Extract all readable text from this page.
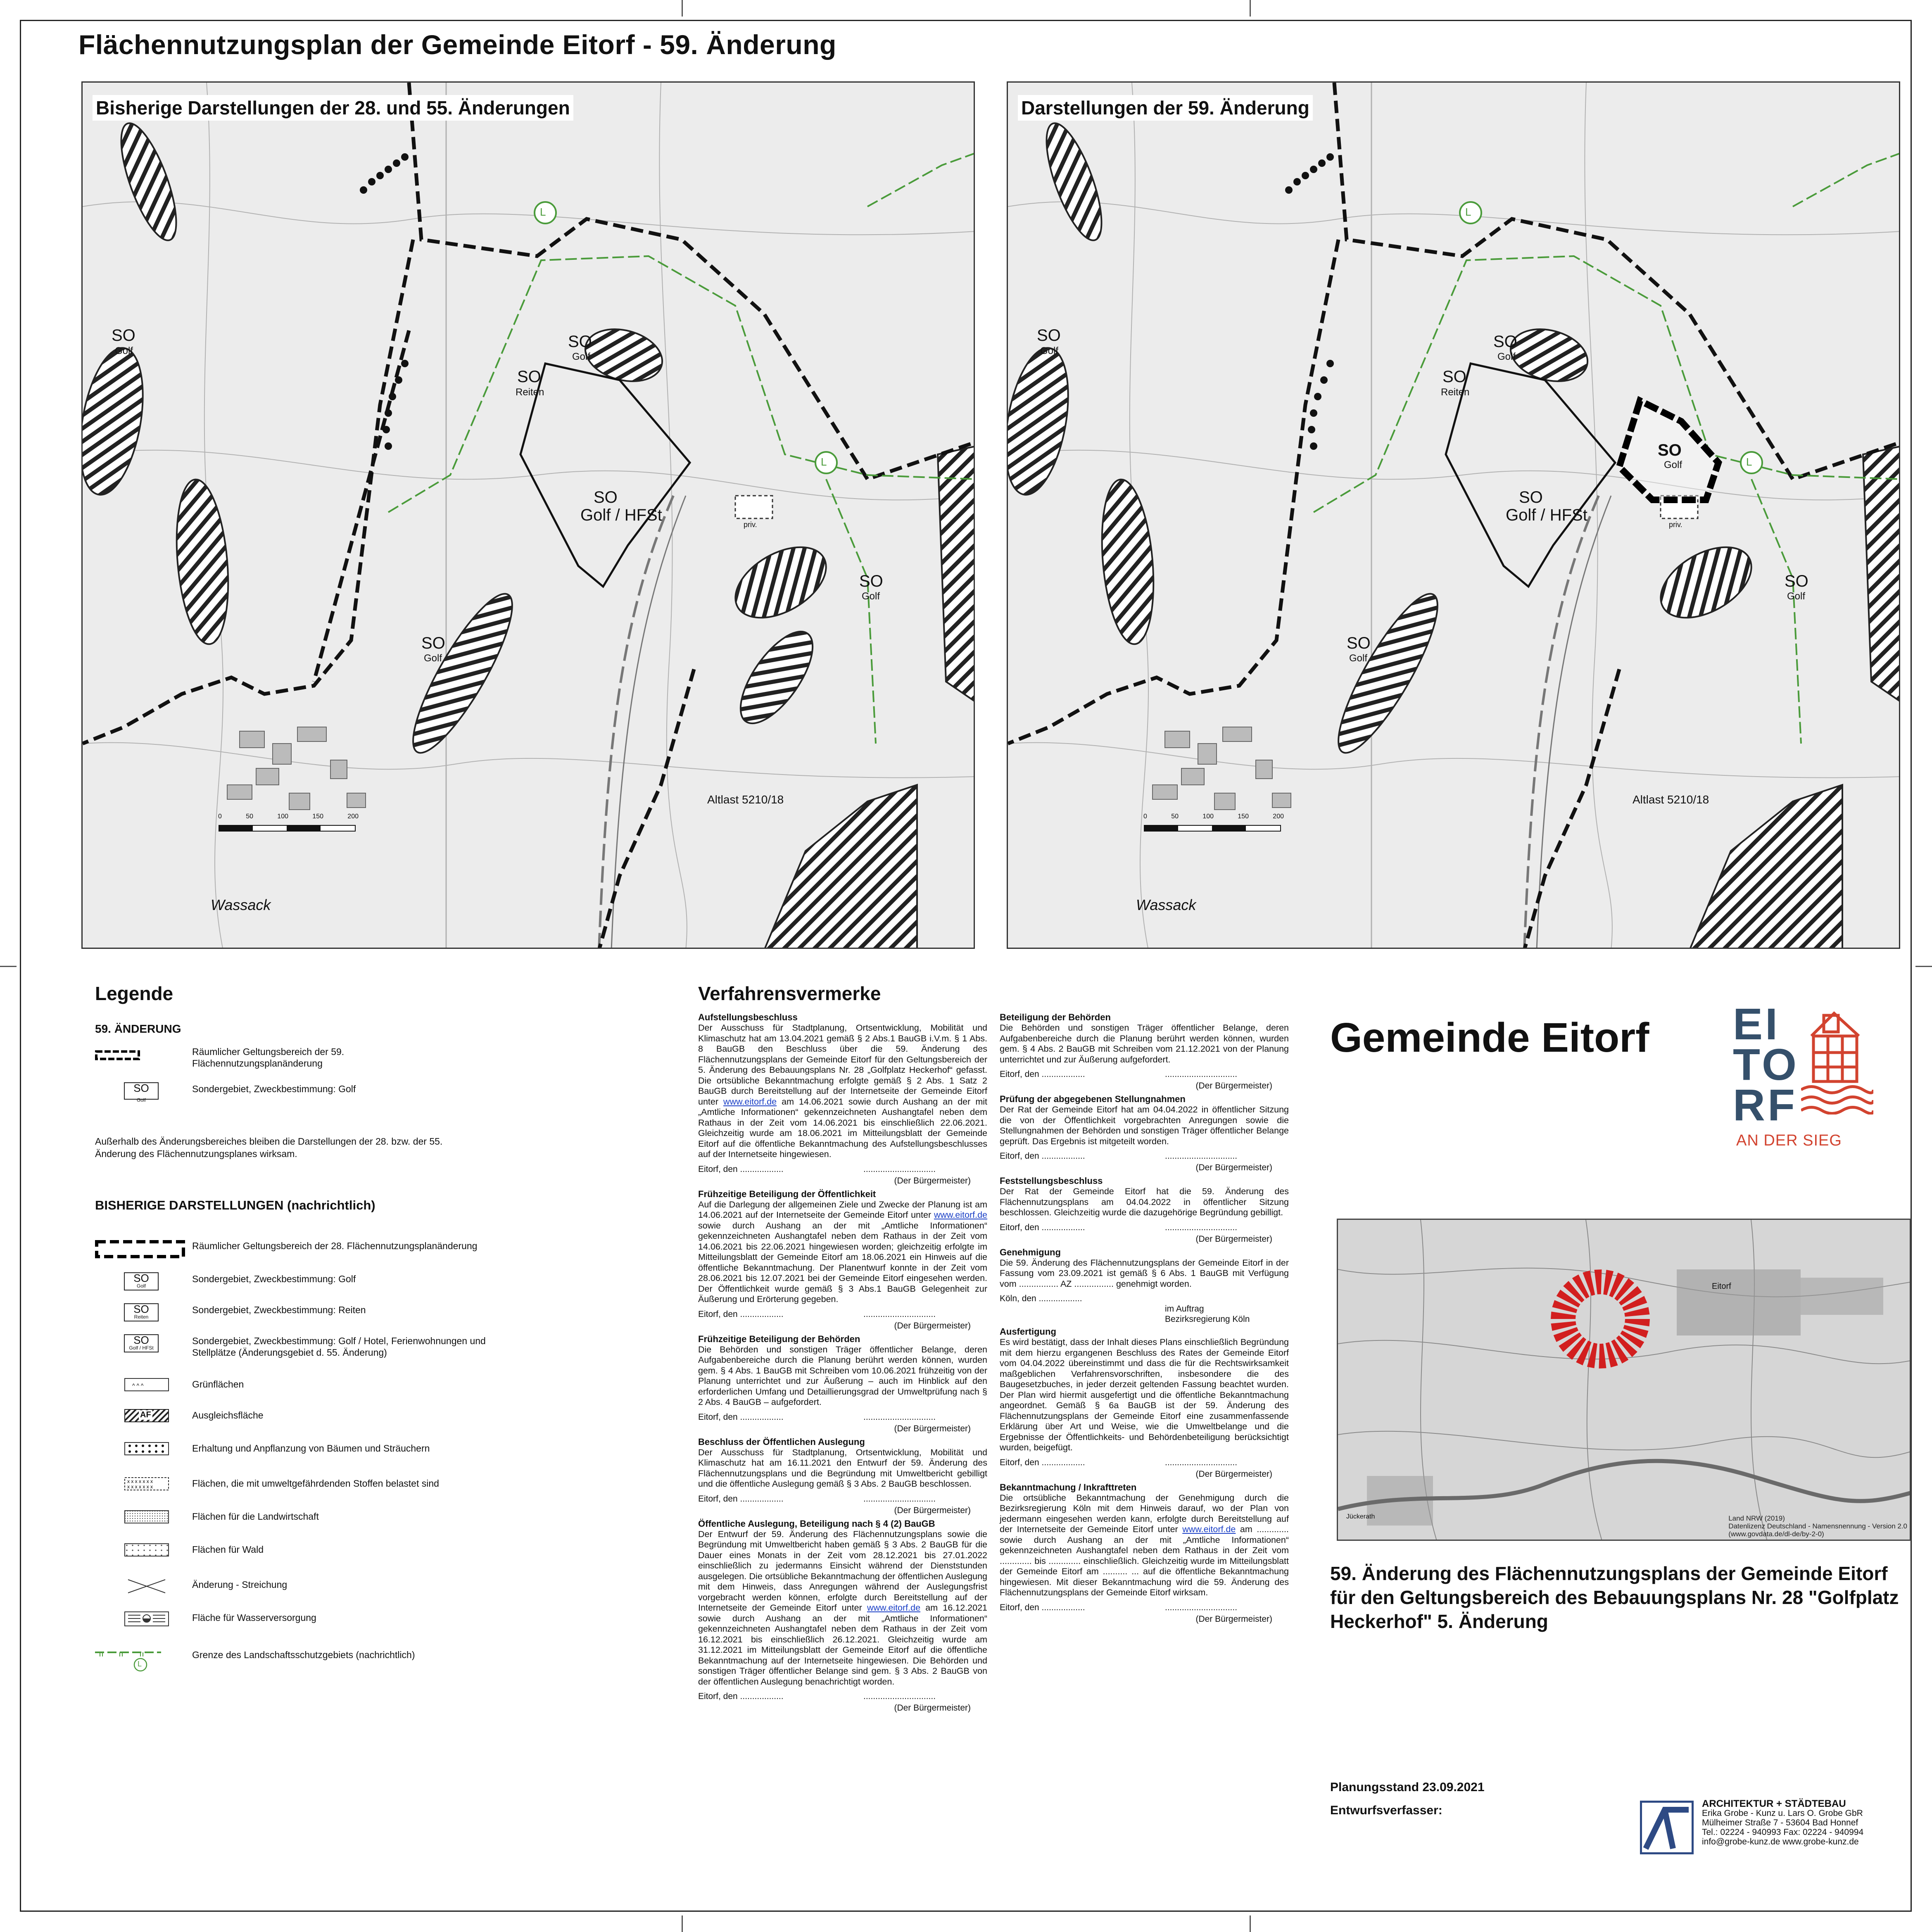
Flächennutzungsplan der Gemeinde Eitorf - 59. Änderung
Bisherige Darstellungen der 28. und 55. Änderungen
SO
Golf
SO
Reiten
SO
Golf / HFSt
SO
Golf
SO
Golf
SO
Golf
Altlast 5210/18
Wassack
priv.
L
L
0	50	100	150	200
Darstellungen der 59. Änderung
SO
Golf
SO
Reiten
SO
Golf / HFSt
SO
Golf
SO
Golf
SO
Golf
SO
Golf
Altlast 5210/18
Wassack
priv.
L
L
0	50	100	150	200
Legende
59. ÄNDERUNG
Räumlicher Geltungsbereich der 59. Flächennutzungsplanänderung
SO
Golf
Sondergebiet, Zweckbestimmung: Golf
Außerhalb des Änderungsbereiches bleiben die Darstellungen der 28. bzw. der 55. Änderung des Flächennutzungsplanes wirksam.
BISHERIGE DARSTELLUNGEN (nachrichtlich)
Räumlicher Geltungsbereich der 28. Flächennutzungsplanänderung
SO
Golf
Sondergebiet, Zweckbestimmung: Golf
SO
Reiten
Sondergebiet, Zweckbestimmung: Reiten
SO
Golf / HFSt
Sondergebiet, Zweckbestimmung: Golf / Hotel, Ferienwohnungen und Stellplätze (Änderungsgebiet d. 55. Änderung)
^ ^ ^	Grünflächen
AF	Ausgleichsfläche
Erhaltung und Anpflanzung von Bäumen und Sträuchern
x x x x x x x
x x x x x x x	Flächen, die mit umweltgefährdenden Stoffen belastet sind
Flächen für die Landwirtschaft
Flächen für Wald
Änderung - Streichung
Fläche für Wasserversorgung
L
Grenze des Landschaftsschutzgebiets (nachrichtlich)
Verfahrensvermerke
Aufstellungsbeschluss

Der Ausschuss für Stadtplanung, Ortsentwicklung, Mobilität und Klimaschutz hat am 13.04.2021 gemäß § 2 Abs.1 BauGB i.V.m. § 1 Abs. 8 BauGB den Beschluss über die 59. Änderung des Flächennutzungsplans der Gemeinde Eitorf für den Geltungsbereich der 5. Änderung des Bebauungsplans Nr. 28 „Golfplatz Heckerhof“ gefasst. Die ortsübliche Bekanntmachung erfolgte gemäß § 2 Abs. 1 Satz 2 BauGB durch Bereitstellung auf der Internetseite der Gemeinde Eitorf unter www.eitorf.de am 14.06.2021 sowie durch Aushang an der mit „Amtliche Informationen“ gekennzeichneten Aushangtafel neben dem Rathaus in der Zeit vom 14.06.2021 bis einschließlich 22.06.2021. Gleichzeitig wurde am 18.06.2021 im Mitteilungsblatt der Gemeinde Eitorf auf die öffentliche Bekanntmachung des Aufstellungsbeschlusses auf der Internetseite hingewiesen.

Eitorf, den ..................	..............................
(Der Bürgermeister)
Frühzeitige Beteiligung der Öffentlichkeit

Auf die Darlegung der allgemeinen Ziele und Zwecke der Planung ist am 14.06.2021 auf der Internetseite der Gemeinde Eitorf unter www.eitorf.de sowie durch Aushang an der mit „Amtliche Informationen“ gekennzeichneten Aushangtafel neben dem Rathaus in der Zeit vom 14.06.2021 bis 22.06.2021 hingewiesen worden; gleichzeitig erfolgte im Mitteilungsblatt der Gemeinde Eitorf am 18.06.2021 ein Hinweis auf die öffentliche Bekanntmachung. Der Planentwurf konnte in der Zeit vom 28.06.2021 bis 12.07.2021 bei der Gemeinde Eitorf eingesehen werden. Der Öffentlichkeit wurde gemäß § 3 Abs.1 BauGB Gelegenheit zur Äußerung und Erörterung gegeben.

Eitorf, den ..................	..............................
(Der Bürgermeister)
Frühzeitige Beteiligung der Behörden

Die Behörden und sonstigen Träger öffentlicher Belange, deren Aufgabenbereiche durch die Planung berührt werden können, wurden gem. § 4 Abs. 1 BauGB mit Schreiben vom 10.06.2021 frühzeitig von der Planung unterrichtet und zur Äußerung – auch im Hinblick auf den erforderlichen Umfang und Detaillierungsgrad der Umweltprüfung nach § 2 Abs. 4 BauGB – aufgefordert.

Eitorf, den ..................	..............................
(Der Bürgermeister)
Beschluss der Öffentlichen Auslegung

Der Ausschuss für Stadtplanung, Ortsentwicklung, Mobilität und Klimaschutz hat am 16.11.2021 den Entwurf der 59. Änderung des Flächennutzungsplans und die Begründung mit Umweltbericht gebilligt und die öffentliche Auslegung gemäß § 3 Abs. 2 BauGB beschlossen.

Eitorf, den ..................	..............................
(Der Bürgermeister)
Öffentliche Auslegung, Beteiligung nach § 4 (2) BauGB

Der Entwurf der 59. Änderung des Flächennutzungsplans sowie die Begründung mit Umweltbericht haben gemäß § 3 Abs. 2 BauGB für die Dauer eines Monats in der Zeit vom 28.12.2021 bis 27.01.2022 einschließlich zu jedermanns Einsicht während der Dienststunden ausgelegen. Die ortsübliche Bekanntmachung der öffentlichen Auslegung mit dem Hinweis, dass Anregungen während der Auslegungsfrist vorgebracht werden können, erfolgte durch Bereitstellung auf der Internetseite der Gemeinde Eitorf unter www.eitorf.de am 16.12.2021 sowie durch Aushang an der mit „Amtliche Informationen“ gekennzeichneten Aushangtafel neben dem Rathaus in der Zeit vom 16.12.2021 bis einschließlich 26.12.2021. Gleichzeitig wurde am 31.12.2021 im Mitteilungsblatt der Gemeinde Eitorf auf die öffentliche Bekanntmachung auf der Internetseite hingewiesen. Die Behörden und sonstigen Träger öffentlicher Belange sind gem. § 3 Abs. 2 BauGB von der öffentlichen Auslegung benachrichtigt worden.

Eitorf, den ..................	..............................
(Der Bürgermeister)
Beteiligung der Behörden

Die Behörden und sonstigen Träger öffentlicher Belange, deren Aufgabenbereiche durch die Planung berührt werden können, wurden gem. § 4 Abs. 2 BauGB mit Schreiben vom 21.12.2021 von der Planung unterrichtet und zur Äußerung aufgefordert.

Eitorf, den ..................	..............................
(Der Bürgermeister)
Prüfung der abgegebenen Stellungnahmen

Der Rat der Gemeinde Eitorf hat am 04.04.2022 in öffentlicher Sitzung die von der Öffentlichkeit vorgebrachten Anregungen sowie die Stellungnahmen der Behörden und sonstigen Träger öffentlicher Belange geprüft. Das Ergebnis ist mitgeteilt worden.

Eitorf, den ..................	..............................
(Der Bürgermeister)
Feststellungsbeschluss

Der Rat der Gemeinde Eitorf hat die 59. Änderung des Flächennutzungsplans am 04.04.2022 in öffentlicher Sitzung beschlossen. Gleichzeitig wurde die dazugehörige Begründung gebilligt.

Eitorf, den ..................	..............................
(Der Bürgermeister)
Genehmigung

Die 59. Änderung des Flächennutzungsplans der Gemeinde Eitorf in der Fassung vom 23.09.2021 ist gemäß § 6 Abs. 1 BauGB mit Verfügung vom ................ AZ ................ genehmigt worden.

Köln, den ..................
im Auftrag
Bezirksregierung Köln
Ausfertigung

Es wird bestätigt, dass der Inhalt dieses Plans einschließlich Begründung mit dem hierzu ergangenen Beschluss des Rates der Gemeinde Eitorf vom 04.04.2022 übereinstimmt und dass die für die Rechtswirksamkeit maßgeblichen Verfahrensvorschriften, insbesondere die des Baugesetzbuches, in jeder derzeit geltenden Fassung beachtet wurden. Der Plan wird hiermit ausgefertigt und die öffentliche Bekanntmachung angeordnet. Gemäß § 6a BauGB ist der 59. Änderung des Flächennutzungsplans der Gemeinde Eitorf eine zusammenfassende Erklärung über Art und Weise, wie die Umweltbelange und die Ergebnisse der Öffentlichkeits- und Behördenbeteiligung berücksichtigt wurden, beigefügt.

Eitorf, den ..................	..............................
(Der Bürgermeister)
Bekanntmachung / Inkrafttreten

Die ortsübliche Bekanntmachung der Genehmigung durch die Bezirksregierung Köln mit dem Hinweis darauf, wo der Plan von jedermann eingesehen werden kann, erfolgte durch Bereitstellung auf der Internetseite der Gemeinde Eitorf unter www.eitorf.de am ............. sowie durch Aushang an der mit „Amtliche Informationen“ gekennzeichneten Aushangtafel neben dem Rathaus in der Zeit vom ............. bis ............. einschließlich. Gleichzeitig wurde im Mitteilungsblatt der Gemeinde Eitorf am .......... ... auf die öffentliche Bekanntmachung hingewiesen. Mit dieser Bekanntmachung wird die 59. Änderung des Flächennutzungsplans der Gemeinde Eitorf wirksam.

Eitorf, den ..................	..............................
(Der Bürgermeister)
Gemeinde Eitorf EI
TO
RF
AN DER SIEG
Eitorf
Jückerath	Land NRW (2019)
Datenlizenz Deutschland - Namensnennung - Version 2.0
(www.govdata.de/dl-de/by-2-0)
59. Änderung des Flächennutzungsplans der Gemeinde Eitorf für den Geltungsbereich des Bebauungsplans Nr. 28 "Golfplatz Heckerhof" 5. Änderung
Planungsstand 23.09.2021
Entwurfsverfasser:	ARCHITEKTUR + STÄDTEBAU
Erika Grobe - Kunz u. Lars O. Grobe GbR
Mülheimer Straße 7 - 53604 Bad Honnef
Tel.: 02224 - 940993 Fax: 02224 - 940994
info@grobe-kunz.de www.grobe-kunz.de
